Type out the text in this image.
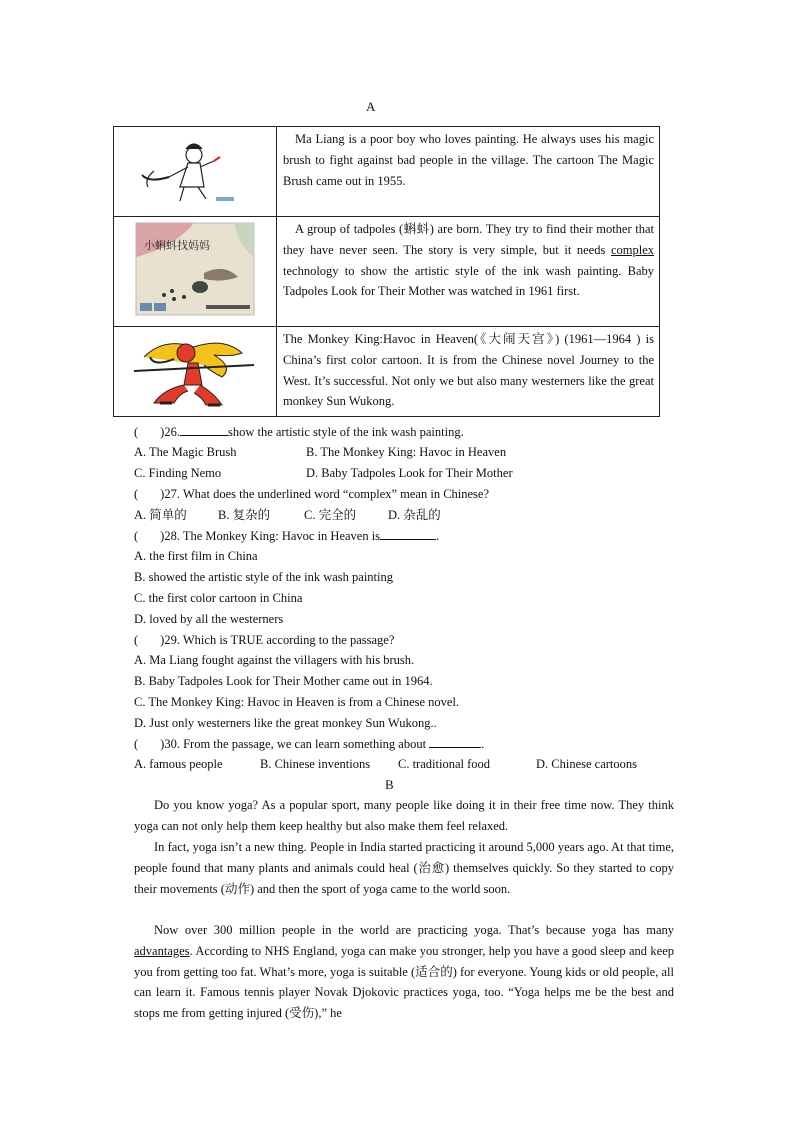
A
	Ma Liang is a poor boy who loves painting. He always uses his magic brush to fight against bad people in the village. The cartoon The Magic Brush came out in 1955.

小蝌蚪找妈妈	A group of tadpoles (蝌蚪) are born. They try to find their mother that they have never seen. The story is very simple, but it needs complex technology to show the artistic style of the ink wash painting. Baby Tadpoles Look for Their Mother was watched in 1961 first.
	The Monkey King:Havoc in Heaven(《大闹天宫》) (1961—1964 ) is China’s first color cartoon. It is from the Chinese novel Journey to the West. It’s successful. Not only we but also many westerners like the great monkey Sun Wukong.
( )26.	show the artistic style of the ink wash painting.
A. The Magic Brush	B. The Monkey King: Havoc in Heaven
C. Finding Nemo	D. Baby Tadpoles Look for Their Mother
( )27. What does the underlined word “complex” mean in Chinese?
A. 简单的 B. 复杂的	C. 完全的	D. 杂乱的
( )28. The Monkey King: Havoc in Heaven is	.
A. the first film in China
B. showed the artistic style of the ink wash painting
C. the first color cartoon in China
D. loved by all the westerners
( )29. Which is TRUE according to the passage?
A. Ma Liang fought against the villagers with his brush.
B. Baby Tadpoles Look for Their Mother came out in 1964.
C. The Monkey King: Havoc in Heaven is from a Chinese novel.
D. Just only westerners like the great monkey Sun Wukong..
( )30. From the passage, we can learn something about	.
A. famous people	B. Chinese inventions C. traditional food	D. Chinese cartoons
B
Do you know yoga? As a popular sport, many people like doing it in their free time now. They think yoga can not only help them keep healthy but also make them feel relaxed.
In fact, yoga isn’t a new thing. People in India started practicing it around 5,000 years ago. At that time, people found that many plants and animals could heal (治愈) themselves quickly. So they started to copy their movements (动作) and then the sport of yoga came to the world soon.
Now over 300 million people in the world are practicing yoga. That’s because yoga has many advantages. According to NHS England, yoga can make you stronger, help you have a good sleep and keep you from getting too fat. What’s more, yoga is suitable (适合的) for everyone. Young kids or old people, all can learn it. Famous tennis player Novak Djokovic practices yoga, too. “Yoga helps me be the best and stops me from getting injured (受伤),” he
